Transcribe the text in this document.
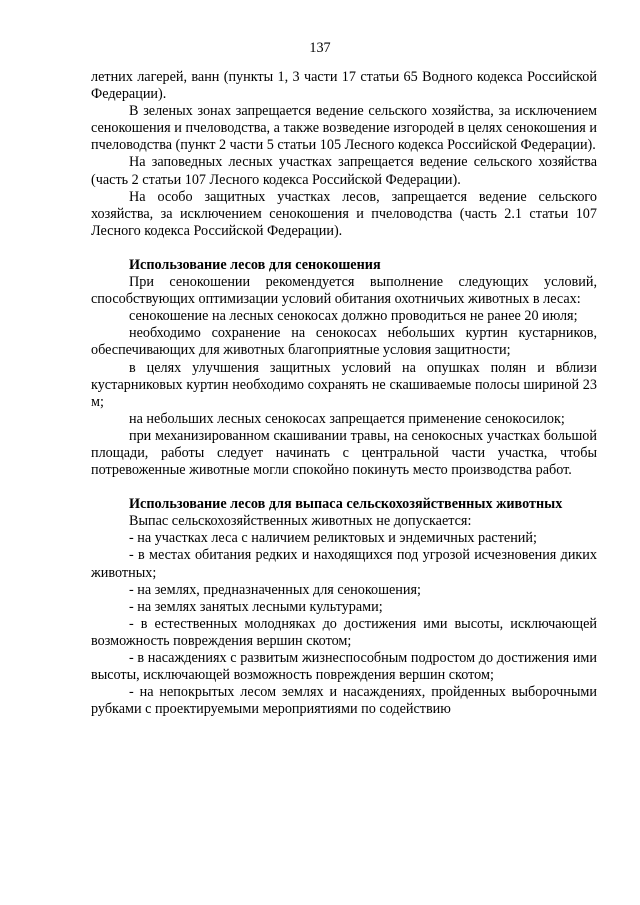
137

летних лагерей, ванн (пункты 1, 3 части 17 статьи 65 Водного кодекса Российской Федерации).

В зеленых зонах запрещается ведение сельского хозяйства, за исключением сенокошения и пчеловодства, а также возведение изгородей в целях сенокошения и пчеловодства (пункт 2 части 5 статьи 105 Лесного кодекса Российской Федерации).

На заповедных лесных участках запрещается ведение сельского хозяйства (часть 2 статьи 107 Лесного кодекса Российской Федерации).

На особо защитных участках лесов, запрещается ведение сельского хозяйства, за исключением сенокошения и пчеловодства (часть 2.1 статьи 107 Лесного кодекса Российской Федерации).

Использование лесов для сенокошения

При сенокошении рекомендуется выполнение следующих условий, способствующих оптимизации условий обитания охотничьих животных в лесах:

сенокошение на лесных сенокосах должно проводиться не ранее 20 июля;

необходимо сохранение на сенокосах небольших куртин кустарников, обеспечивающих для животных благоприятные условия защитности;

в целях улучшения защитных условий на опушках полян и вблизи кустарниковых куртин необходимо сохранять не скашиваемые полосы шириной 23 м;

на небольших лесных сенокосах запрещается применение сенокосилок;

при механизированном скашивании травы, на сенокосных участках большой площади, работы следует начинать с центральной части участка, чтобы потревоженные животные могли спокойно покинуть место производства работ.

Использование лесов для выпаса сельскохозяйственных животных

Выпас сельскохозяйственных животных не допускается:

- на участках леса с наличием реликтовых и эндемичных растений;

- в местах обитания редких и находящихся под угрозой исчезновения диких животных;

- на землях, предназначенных для сенокошения;

- на землях занятых лесными культурами;

- в естественных молодняках до достижения ими высоты, исключающей возможность повреждения вершин скотом;

- в насаждениях с развитым жизнеспособным подростом до достижения ими высоты, исключающей возможность повреждения вершин скотом;

- на непокрытых лесом землях и насаждениях, пройденных выборочными рубками с проектируемыми мероприятиями по содействию
